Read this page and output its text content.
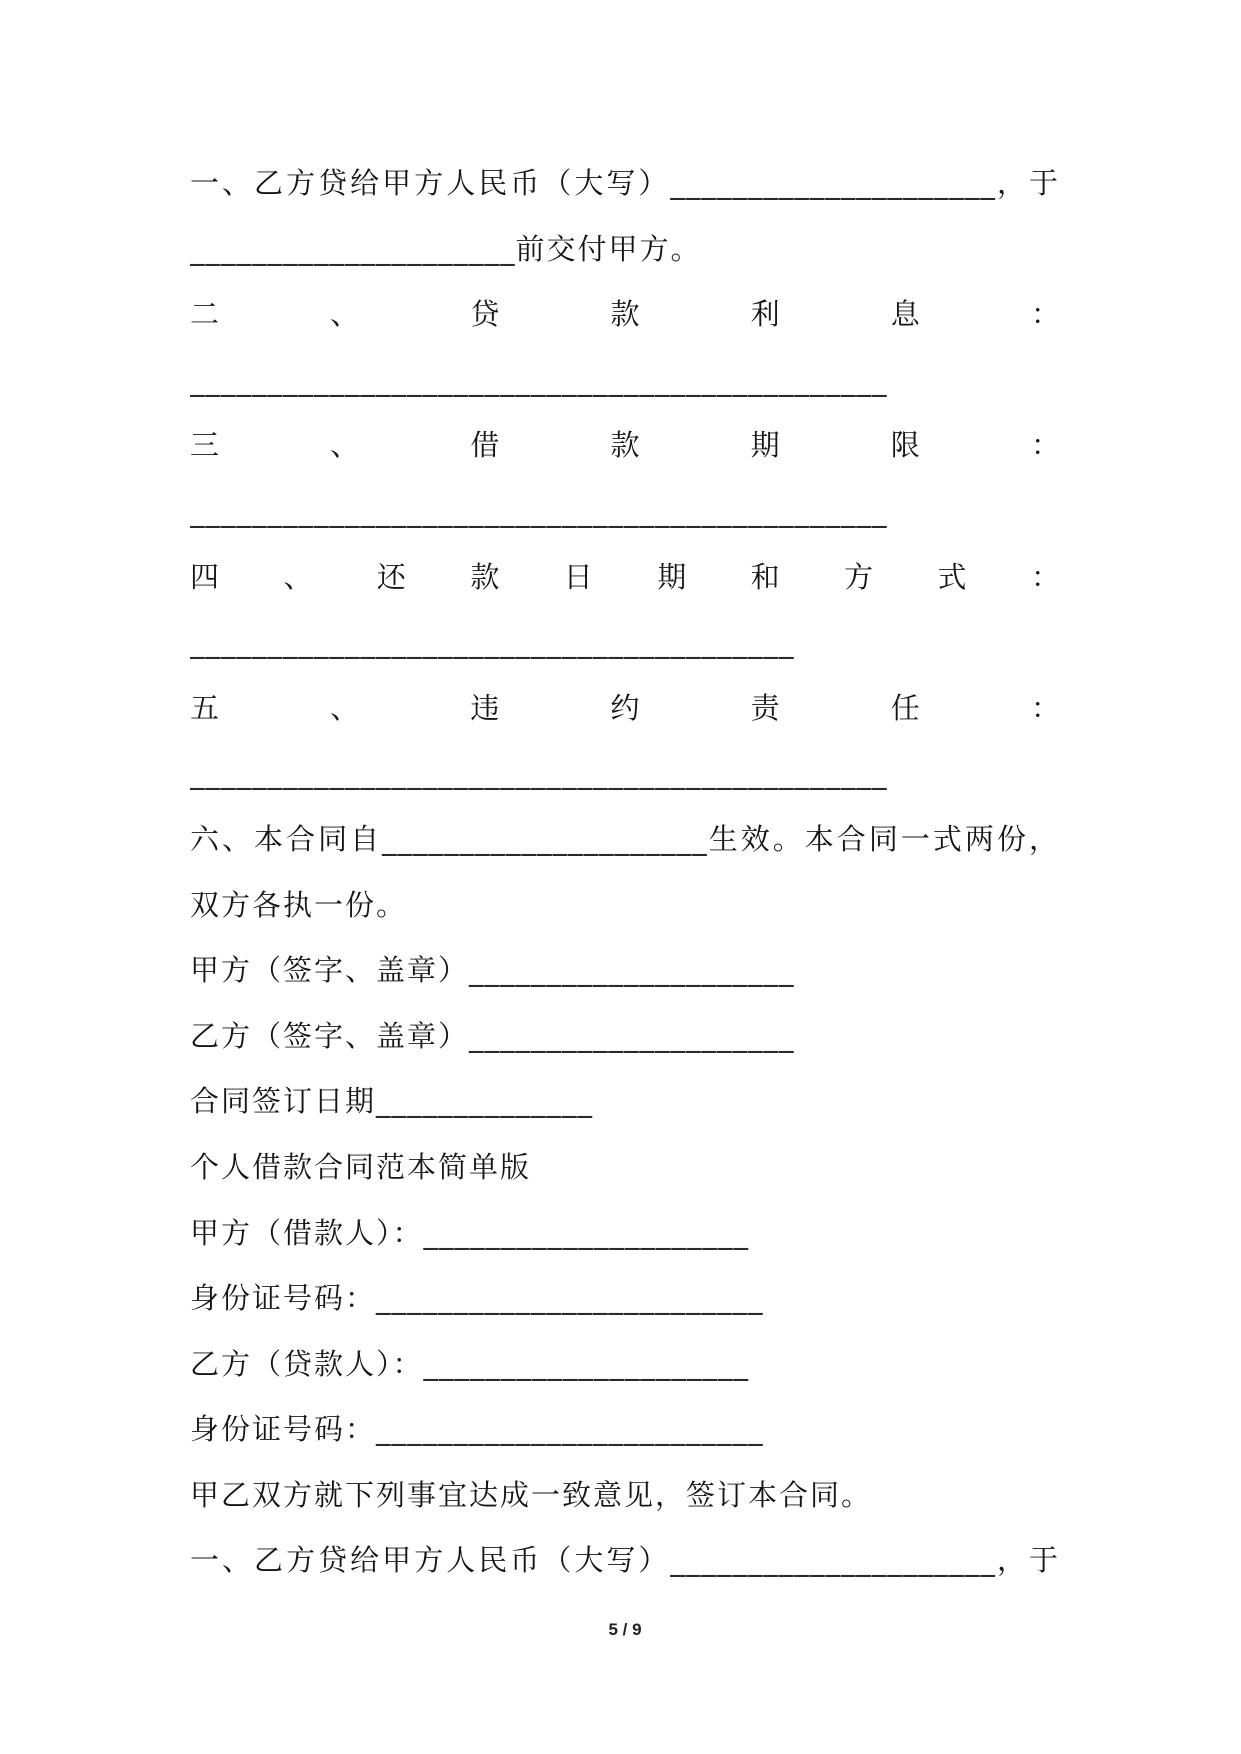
一、乙方贷给甲方人民币（大写）_____________________，于
_____________________前交付甲方。
二	、	贷	款	利	息	：
_____________________________________________
三	、	借	款	期	限	：
_____________________________________________
四 、 还 款 日 期 和 方 式 ：
_______________________________________
五	、	违	约	责	任	：
_____________________________________________
六、本合同自_____________________生效。本合同一式两份，
双方各执一份。
甲方（签字、盖章）_____________________
乙方（签字、盖章）_____________________
合同签订日期______________
个人借款合同范本简单版
甲方（借款人）：_____________________
身份证号码：_________________________
乙方（贷款人）：_____________________
身份证号码：_________________________
甲乙双方就下列事宜达成一致意见，签订本合同。
一、乙方贷给甲方人民币（大写）_____________________，于
5 / 9
